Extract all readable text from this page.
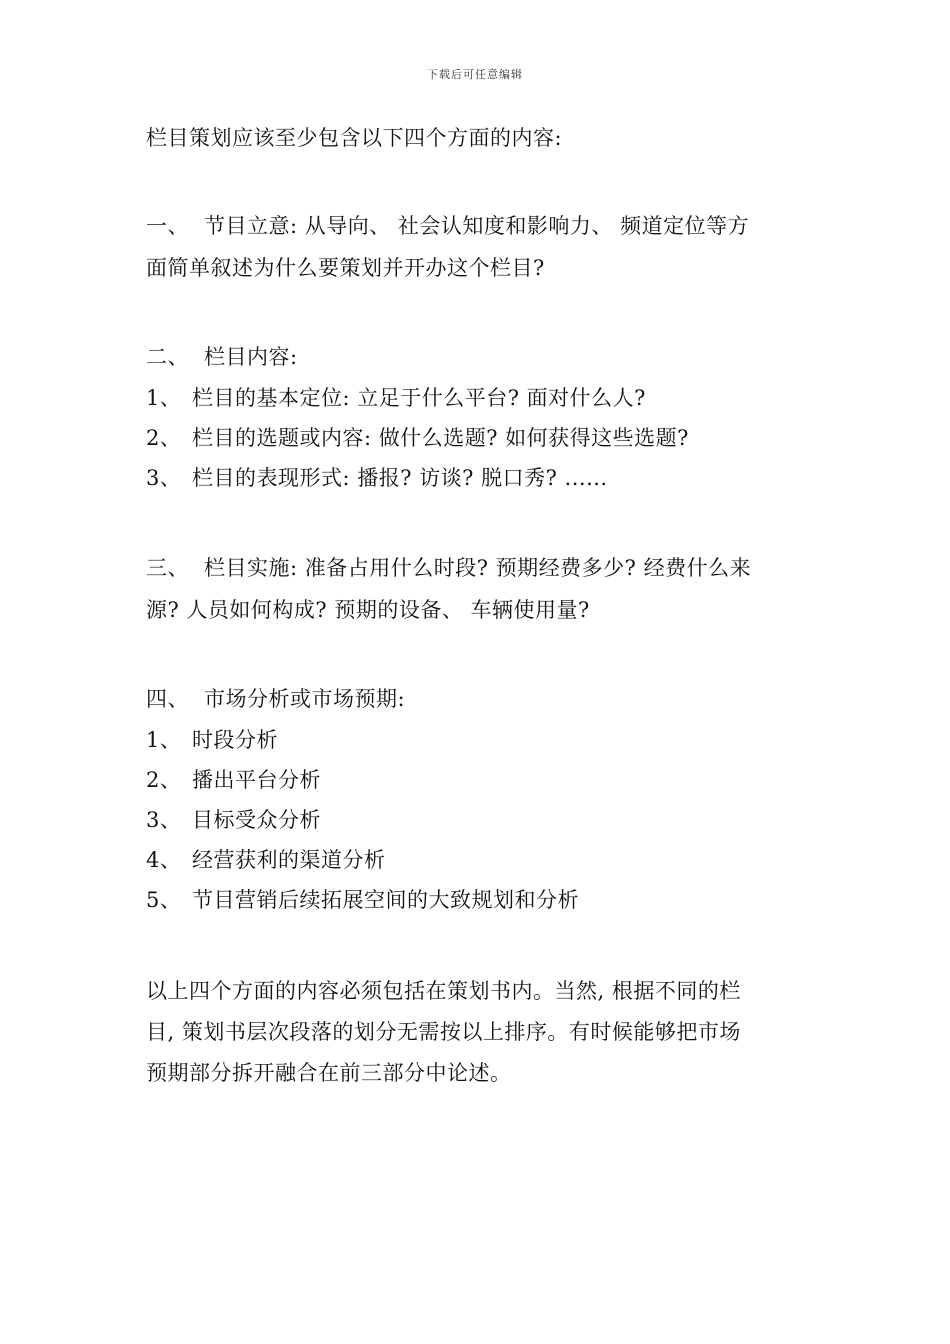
下载后可任意编辑
栏目策划应该至少包含以下四个方面的内容:
一、 节目立意: 从导向、 社会认知度和影响力、 频道定位等方
面简单叙述为什么要策划并开办这个栏目?
二、 栏目内容:
1、 栏目的基本定位: 立足于什么平台? 面对什么人?
2、 栏目的选题或内容: 做什么选题? 如何获得这些选题?
3、 栏目的表现形式: 播报? 访谈? 脱口秀? ......
三、 栏目实施: 准备占用什么时段? 预期经费多少? 经费什么来
源? 人员如何构成? 预期的设备、 车辆使用量?
四、 市场分析或市场预期:
1、 时段分析
2、 播出平台分析
3、 目标受众分析
4、 经营获利的渠道分析
5、 节目营销后续拓展空间的大致规划和分析
以上四个方面的内容必须包括在策划书内。当然, 根据不同的栏
目, 策划书层次段落的划分无需按以上排序。有时候能够把市场
预期部分拆开融合在前三部分中论述。
